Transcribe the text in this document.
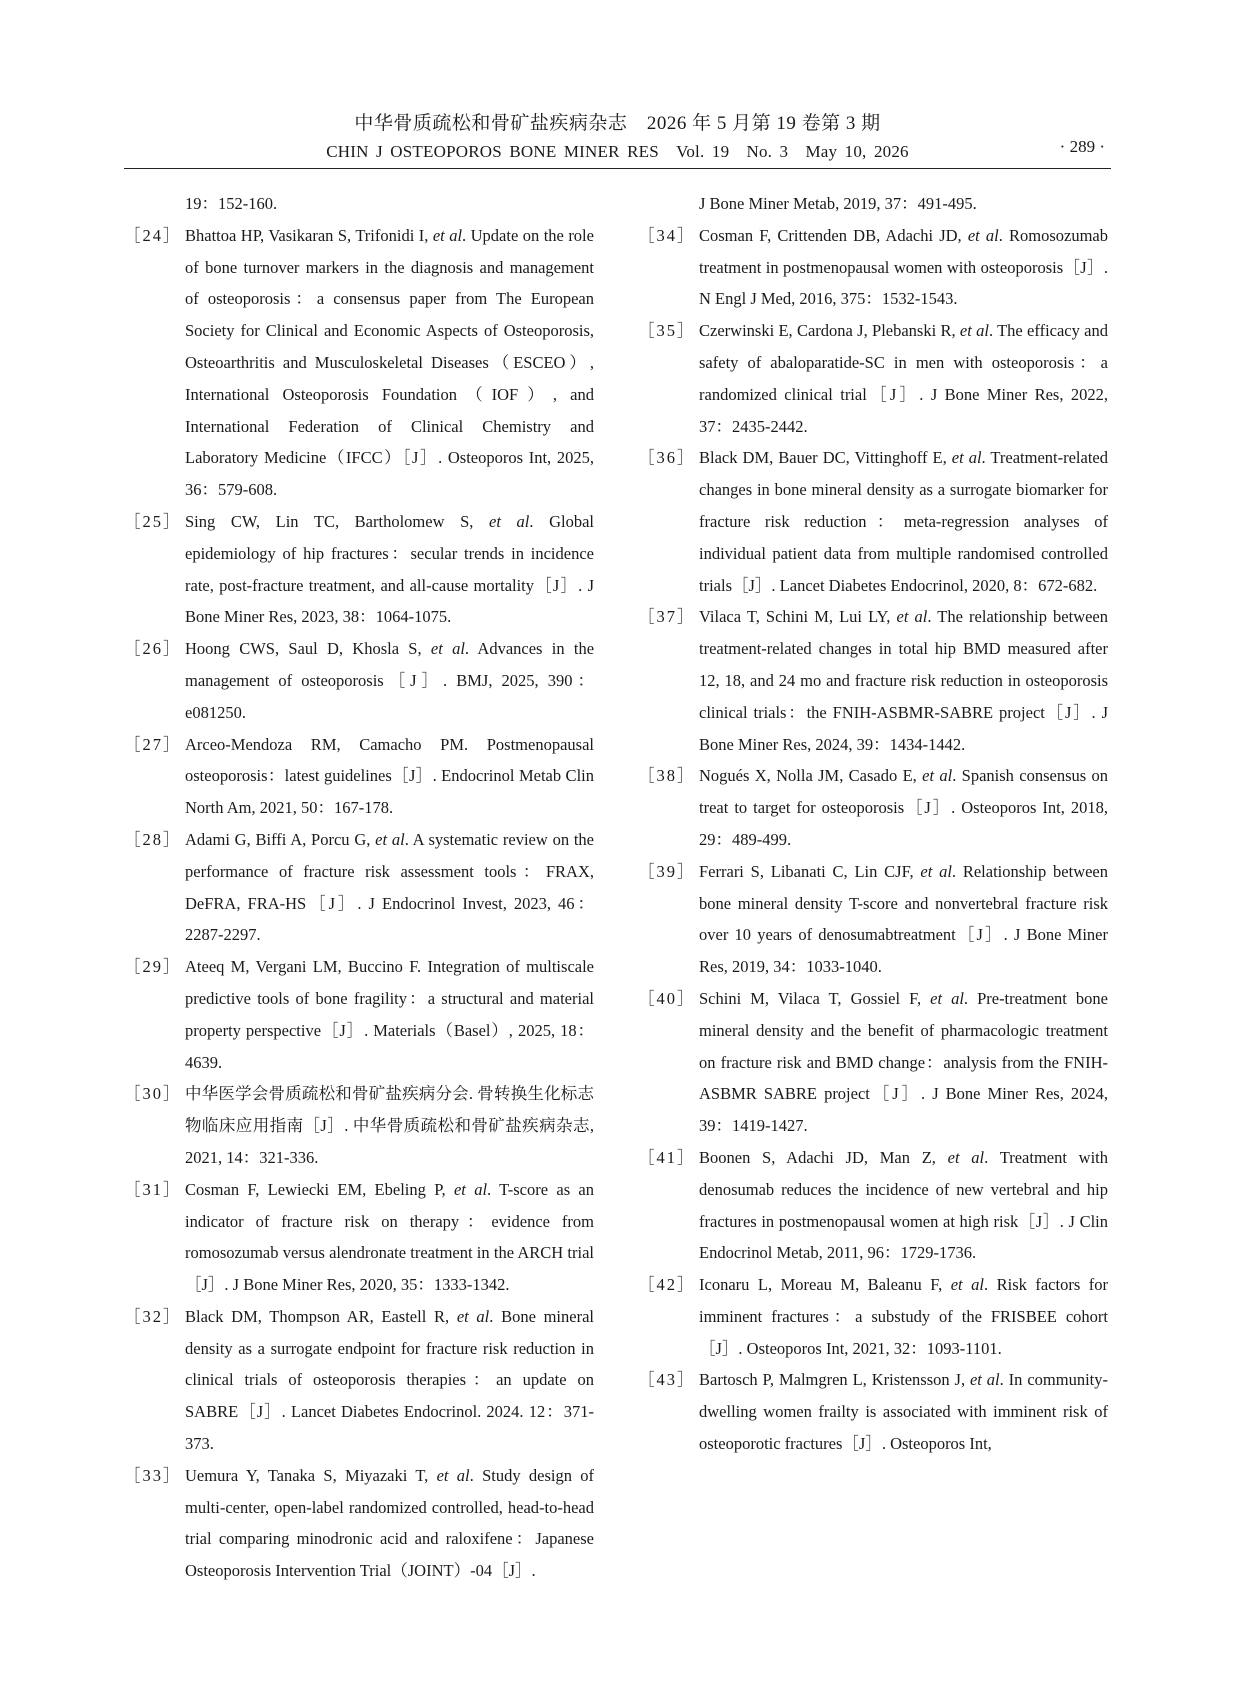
中华骨质疏松和骨矿盐疾病杂志　2026 年 5 月第 19 卷第 3 期
CHIN J OSTEOPOROS BONE MINER RES　Vol. 19　No. 3　May 10, 2026	· 289 ·
19：152-160.
［24］ Bhattoa HP, Vasikaran S, Trifonidi I, et al. Update on the role of bone turnover markers in the diagnosis and management of osteoporosis：a consensus paper from The European Society for Clinical and Economic Aspects of Osteoporosis, Osteoarthritis and Musculoskeletal Diseases（ESCEO）, International Osteoporosis Foundation（IOF）, and International Federation of Clinical Chemistry and Laboratory Medicine（IFCC）［J］. Osteoporos Int, 2025, 36：579-608.
［25］ Sing CW, Lin TC, Bartholomew S, et al. Global epidemiology of hip fractures：secular trends in incidence rate, post-fracture treatment, and all-cause mortality［J］. J Bone Miner Res, 2023, 38：1064-1075.
［26］ Hoong CWS, Saul D, Khosla S, et al. Advances in the management of osteoporosis［J］. BMJ, 2025, 390：e081250.
［27］ Arceo-Mendoza RM, Camacho PM. Postmenopausal osteoporosis：latest guidelines［J］. Endocrinol Metab Clin North Am, 2021, 50：167-178.
［28］ Adami G, Biffi A, Porcu G, et al. A systematic review on the performance of fracture risk assessment tools：FRAX, DeFRA, FRA-HS［J］. J Endocrinol Invest, 2023, 46：2287-2297.
［29］ Ateeq M, Vergani LM, Buccino F. Integration of multiscale predictive tools of bone fragility：a structural and material property perspective［J］. Materials（Basel）, 2025, 18：4639.
［30］ 中华医学会骨质疏松和骨矿盐疾病分会. 骨转换生化标志物临床应用指南［J］. 中华骨质疏松和骨矿盐疾病杂志, 2021, 14：321-336.
［31］ Cosman F, Lewiecki EM, Ebeling P, et al. T-score as an indicator of fracture risk on therapy：evidence from romosozumab versus alendronate treatment in the ARCH trial［J］. J Bone Miner Res, 2020, 35：1333-1342.
［32］ Black DM, Thompson AR, Eastell R, et al. Bone mineral density as a surrogate endpoint for fracture risk reduction in clinical trials of osteoporosis therapies：an update on SABRE［J］. Lancet Diabetes Endocrinol. 2024. 12：371-373.
［33］ Uemura Y, Tanaka S, Miyazaki T, et al. Study design of multi-center, open-label randomized controlled, head-to-head trial comparing minodronic acid and raloxifene：Japanese Osteoporosis Intervention Trial（JOINT）-04［J］.
J Bone Miner Metab, 2019, 37：491-495.
［34］ Cosman F, Crittenden DB, Adachi JD, et al. Romosozumab treatment in postmenopausal women with osteoporosis［J］. N Engl J Med, 2016, 375：1532-1543.
［35］ Czerwinski E, Cardona J, Plebanski R, et al. The efficacy and safety of abaloparatide-SC in men with osteoporosis：a randomized clinical trial［J］. J Bone Miner Res, 2022, 37：2435-2442.
［36］ Black DM, Bauer DC, Vittinghoff E, et al. Treatment-related changes in bone mineral density as a surrogate biomarker for fracture risk reduction：meta-regression analyses of individual patient data from multiple randomised controlled trials［J］. Lancet Diabetes Endocrinol, 2020, 8：672-682.
［37］ Vilaca T, Schini M, Lui LY, et al. The relationship between treatment-related changes in total hip BMD measured after 12, 18, and 24 mo and fracture risk reduction in osteoporosis clinical trials：the FNIH-ASBMR-SABRE project［J］. J Bone Miner Res, 2024, 39：1434-1442.
［38］ Nogués X, Nolla JM, Casado E, et al. Spanish consensus on treat to target for osteoporosis［J］. Osteoporos Int, 2018, 29：489-499.
［39］ Ferrari S, Libanati C, Lin CJF, et al. Relationship between bone mineral density T-score and nonvertebral fracture risk over 10 years of denosumabtreatment［J］. J Bone Miner Res, 2019, 34：1033-1040.
［40］ Schini M, Vilaca T, Gossiel F, et al. Pre-treatment bone mineral density and the benefit of pharmacologic treatment on fracture risk and BMD change：analysis from the FNIH-ASBMR SABRE project［J］. J Bone Miner Res, 2024, 39：1419-1427.
［41］ Boonen S, Adachi JD, Man Z, et al. Treatment with denosumab reduces the incidence of new vertebral and hip fractures in postmenopausal women at high risk［J］. J Clin Endocrinol Metab, 2011, 96：1729-1736.
［42］ Iconaru L, Moreau M, Baleanu F, et al. Risk factors for imminent fractures：a substudy of the FRISBEE cohort［J］. Osteoporos Int, 2021, 32：1093-1101.
［43］ Bartosch P, Malmgren L, Kristensson J, et al. In community-dwelling women frailty is associated with imminent risk of osteoporotic fractures［J］. Osteoporos Int,
